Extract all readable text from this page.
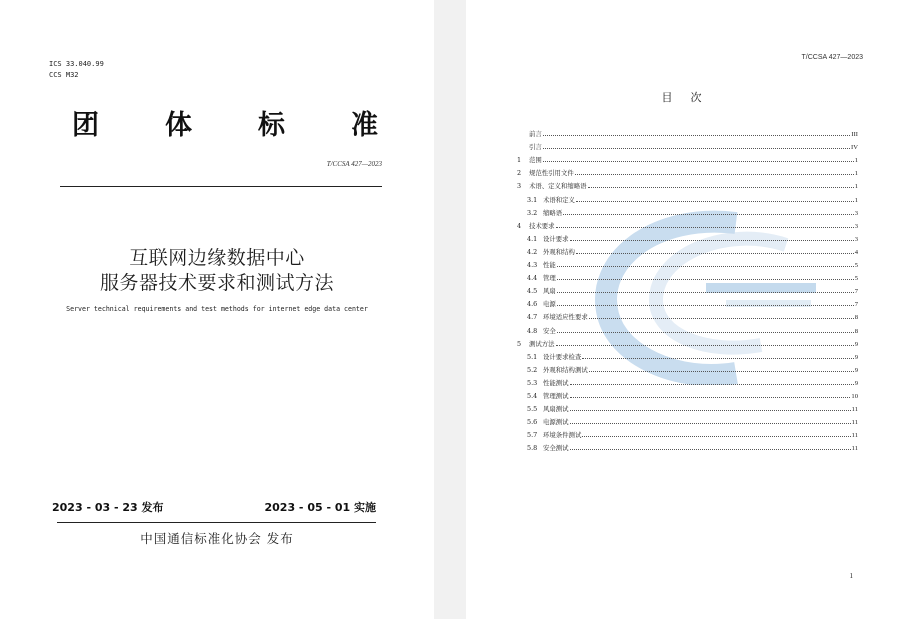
ICS 33.040.99
CCS M32
团 体 标 准
T/CCSA 427—2023
互联网边缘数据中心
服务器技术要求和测试方法
Server technical requirements and test methods for internet edge data center
2023 - 03 - 23 发布	2023 - 05 - 01 实施
中国通信标准化协会 发布
T/CCSA 427—2023
目次
前言	III
引言	IV
1	范围	1
2	规范性引用文件	1
3	术语、定义和缩略语	1
3.1 术语和定义	1
3.2 缩略语	3
4	技术要求	3
4.1 设计要求	3
4.2 外观和结构	4
4.3 性能	5
4.4 管理	5
4.5 风扇	7
4.6 电源	7
4.7 环境适应性要求	8
4.8 安全	8
5	测试方法	9
5.1 设计要求检查	9
5.2 外观和结构测试	9
5.3 性能测试	9
5.4 管理测试	10
5.5 风扇测试	11
5.6 电源测试	11
5.7 环境条件测试	11
5.8 安全测试	11
1
